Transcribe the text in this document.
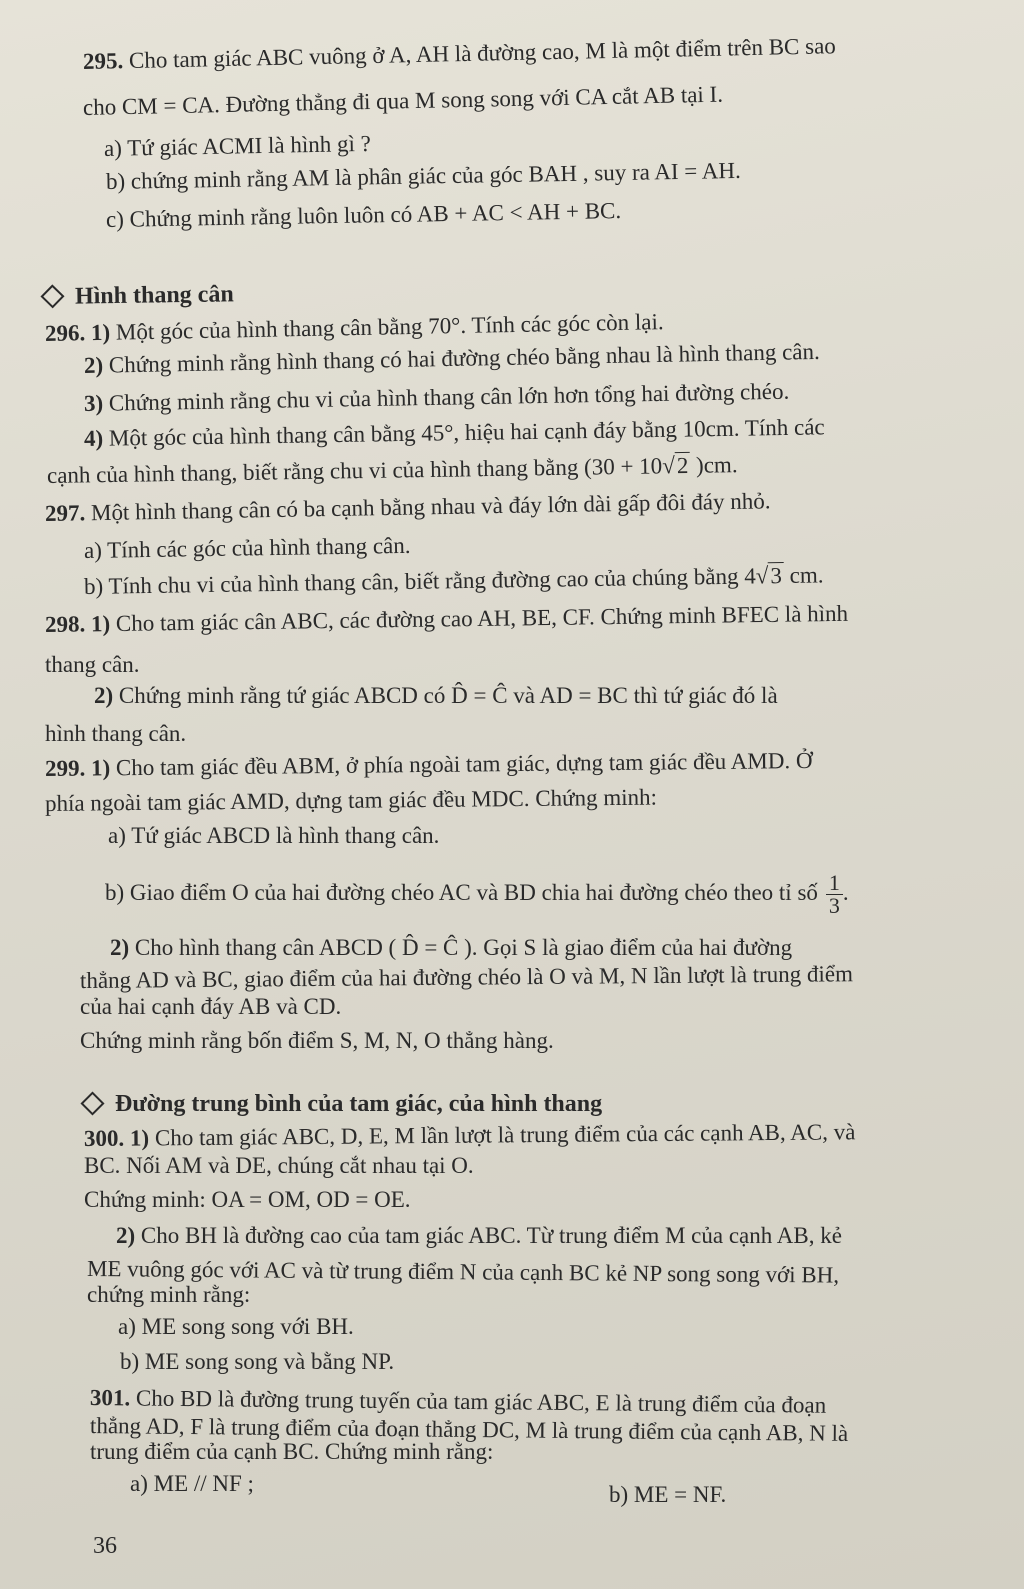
295. Cho tam giác ABC vuông ở A, AH là đường cao, M là một điểm trên BC sao
cho CM = CA. Đường thẳng đi qua M song song với CA cắt AB tại I.
a) Tứ giác ACMI là hình gì ?
b) chứng minh rằng AM là phân giác của góc BAH , suy ra AI = AH.
c) Chứng minh rằng luôn luôn có AB + AC < AH + BC.
Hình thang cân
296. 1) Một góc của hình thang cân bằng 70°. Tính các góc còn lại.
2) Chứng minh rằng hình thang có hai đường chéo bằng nhau là hình thang cân.
3) Chứng minh rằng chu vi của hình thang cân lớn hơn tổng hai đường chéo.
4) Một góc của hình thang cân bằng 45°, hiệu hai cạnh đáy bằng 10cm. Tính các
cạnh của hình thang, biết rằng chu vi của hình thang bằng (30 + 10√2 )cm.
297. Một hình thang cân có ba cạnh bằng nhau và đáy lớn dài gấp đôi đáy nhỏ.
a) Tính các góc của hình thang cân.
b) Tính chu vi của hình thang cân, biết rằng đường cao của chúng bằng 4√3 cm.
298. 1) Cho tam giác cân ABC, các đường cao AH, BE, CF. Chứng minh BFEC là hình
thang cân.
2) Chứng minh rằng tứ giác ABCD có D̂ = Ĉ và AD = BC thì tứ giác đó là
hình thang cân.
299. 1) Cho tam giác đều ABM, ở phía ngoài tam giác, dựng tam giác đều AMD. Ở
phía ngoài tam giác AMD, dựng tam giác đều MDC. Chứng minh:
a) Tứ giác ABCD là hình thang cân.
b) Giao điểm O của hai đường chéo AC và BD chia hai đường chéo theo tỉ số $\frac{1}{3}$ .
2) Cho hình thang cân ABCD ( D̂ = Ĉ ). Gọi S là giao điểm của hai đường
thẳng AD và BC, giao điểm của hai đường chéo là O và M, N lần lượt là trung điểm
của hai cạnh đáy AB và CD.
Chứng minh rằng bốn điểm S, M, N, O thẳng hàng.
Đường trung bình của tam giác, của hình thang
300. 1) Cho tam giác ABC, D, E, M lần lượt là trung điểm của các cạnh AB, AC, và
BC. Nối AM và DE, chúng cắt nhau tại O.
Chứng minh: OA = OM, OD = OE.
2) Cho BH là đường cao của tam giác ABC. Từ trung điểm M của cạnh AB, kẻ
ME vuông góc với AC và từ trung điểm N của cạnh BC kẻ NP song song với BH,
chứng minh rằng:
a) ME song song với BH.
b) ME song song và bằng NP.
301. Cho BD là đường trung tuyến của tam giác ABC, E là trung điểm của đoạn
thẳng AD, F là trung điểm của đoạn thẳng DC, M là trung điểm của cạnh AB, N là
trung điểm của cạnh BC. Chứng minh rằng:
a) ME // NF ;	b) ME = NF.
36
